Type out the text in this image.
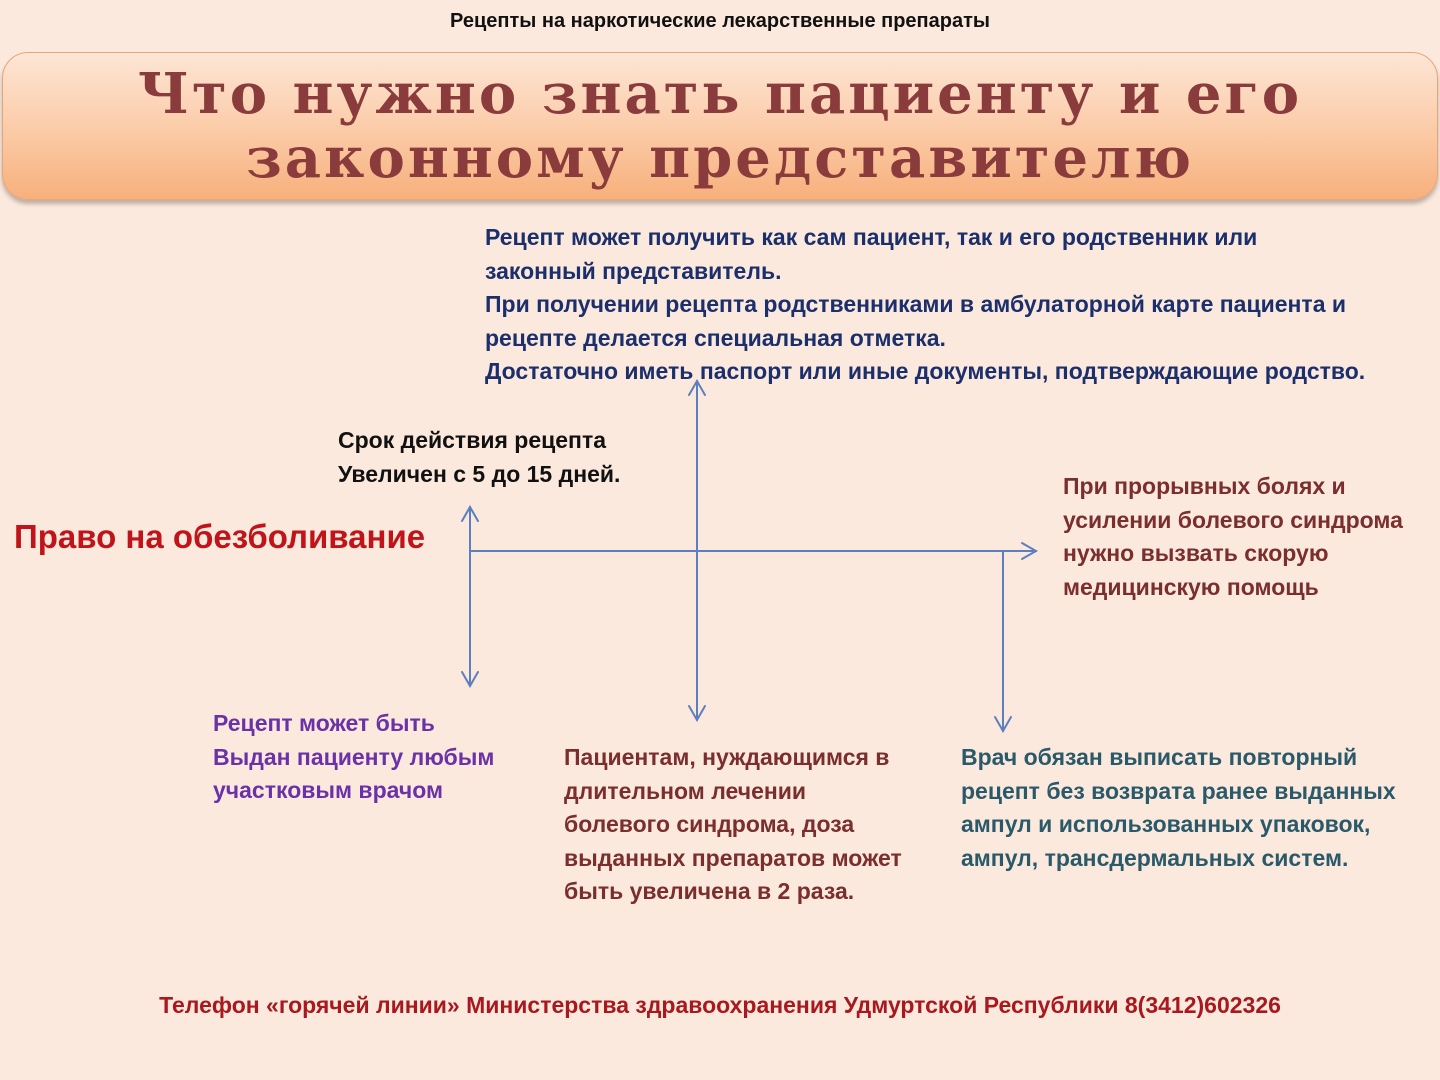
Рецепты на наркотические лекарственные препараты
Что нужно знать пациенту и его законному представителю
Рецепт может получить как сам пациент, так и его родственник или
законный представитель.
При получении рецепта родственниками в амбулаторной карте пациента и
рецепте делается специальная отметка.
Достаточно иметь паспорт или иные документы, подтверждающие родство.
Срок действия рецепта
Увеличен с 5 до 15 дней.
Право на обезболивание
При прорывных болях и
усилении болевого синдрома
нужно вызвать скорую
медицинскую помощь
Рецепт может быть
Выдан пациенту любым
участковым врачом
Пациентам, нуждающимся в
длительном лечении
болевого синдрома, доза
выданных препаратов может
быть увеличена в 2 раза.
Врач обязан выписать повторный
рецепт без возврата ранее выданных
ампул и использованных упаковок,
ампул, трансдермальных систем.
Телефон «горячей линии» Министерства здравоохранения Удмуртской Республики 8(3412)602326
